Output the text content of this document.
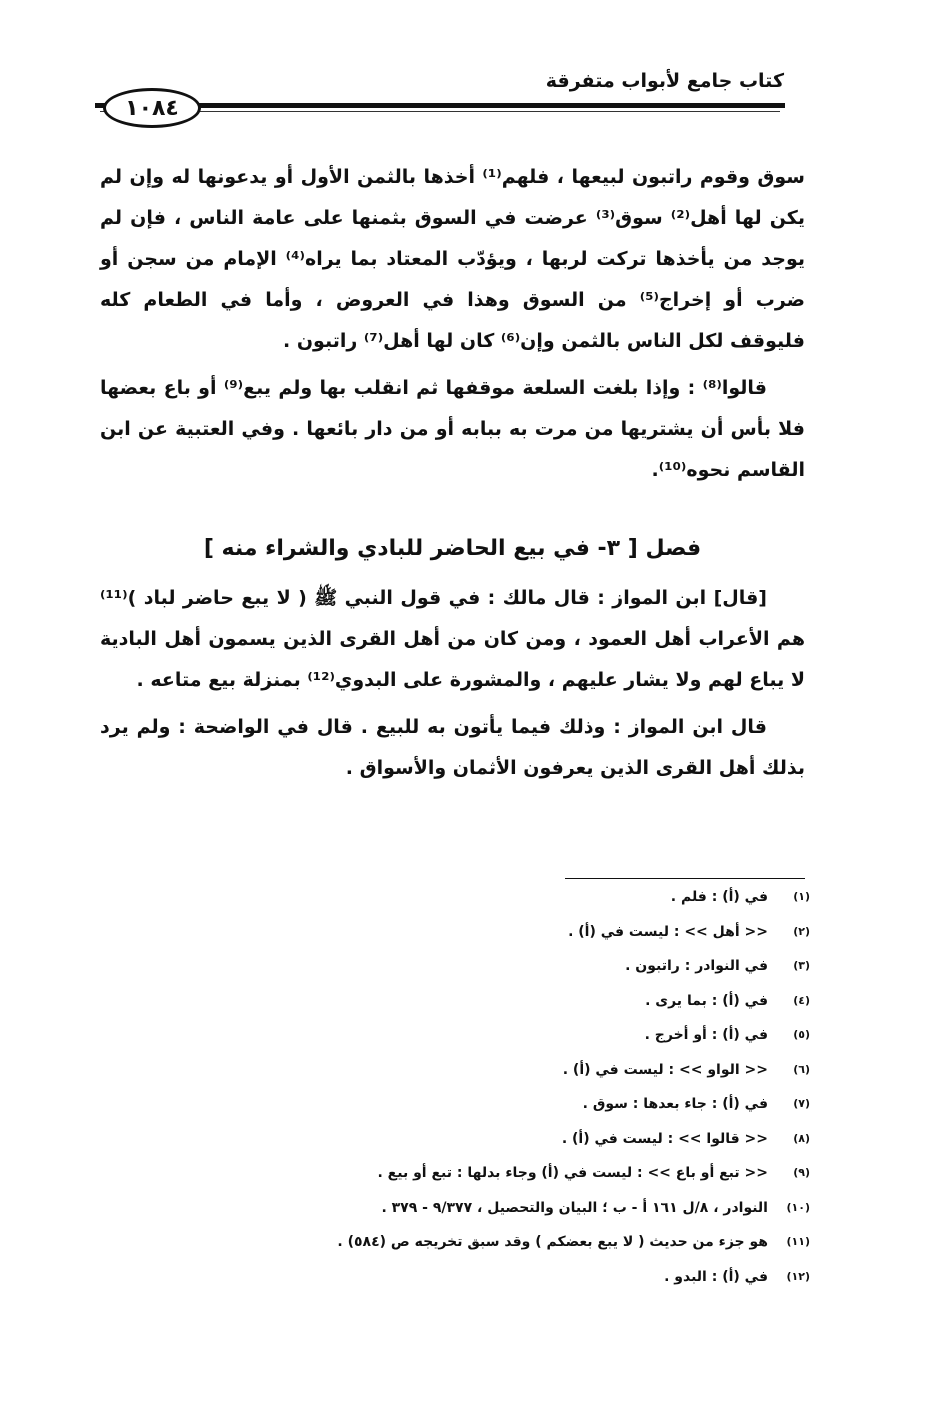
كتاب جامع لأبواب متفرقة
١٠٨٤

سوق وقوم راتبون لبيعها ، فلهم⁽¹⁾ أخذها بالثمن الأول أو يدعونها له وإن لم يكن لها أهل⁽²⁾ سوق⁽³⁾ عرضت في السوق بثمنها على عامة الناس ، فإن لم يوجد من يأخذها تركت لربها ، ويؤدّب المعتاد بما يراه⁽⁴⁾ الإمام من سجن أو ضرب أو إخراج⁽⁵⁾ من السوق وهذا في العروض ، وأما في الطعام كله فليوقف لكل الناس بالثمن وإن⁽⁶⁾ كان لها أهل⁽⁷⁾ راتبون .

قالوا⁽⁸⁾ : وإذا بلغت السلعة موقفها ثم انقلب بها ولم يبع⁽⁹⁾ أو باع بعضها فلا بأس أن يشتريها من مرت به ببابه أو من دار بائعها . وفي العتبية عن ابن القاسم نحوه⁽¹⁰⁾.

فصل [ ٣- في بيع الحاضر للبادي والشراء منه ]

[قال] ابن المواز : قال مالك : في قول النبي ﷺ ( لا يبع حاضر لباد )⁽¹¹⁾ هم الأعراب أهل العمود ، ومن كان من أهل القرى الذين يسمون أهل البادية لا يباع لهم ولا يشار عليهم ، والمشورة على البدوي⁽¹²⁾ بمنزلة بيع متاعه .

قال ابن المواز : وذلك فيما يأتون به للبيع . قال في الواضحة : ولم يرد بذلك أهل القرى الذين يعرفون الأثمان والأسواق .

(١)
في (أ) : فلم .
(٢)
<< أهل >> : ليست في (أ) .
(٣)
في النوادر : راتبون .
(٤)
في (أ) : بما يرى .
(٥)
في (أ) : أو أخرج .
(٦)
<< الواو >> : ليست في (أ) .
(٧)
في (أ) : جاء بعدها : سوق .
(٨)
<< قالوا >> : ليست في (أ) .
(٩)
<< تبع أو باع >> : ليست في (أ) وجاء بدلها : تبع أو بيع .
(١٠)
النوادر ، ٨/ل ١٦١ أ - ب ؛ البيان والتحصيل ، ٩/٣٧٧ - ٣٧٩ .
(١١)
هو جزء من حديث ( لا يبع بعضكم ) وقد سبق تخريجه ص (٥٨٤) .
(١٢)
في (أ) : البدو .
